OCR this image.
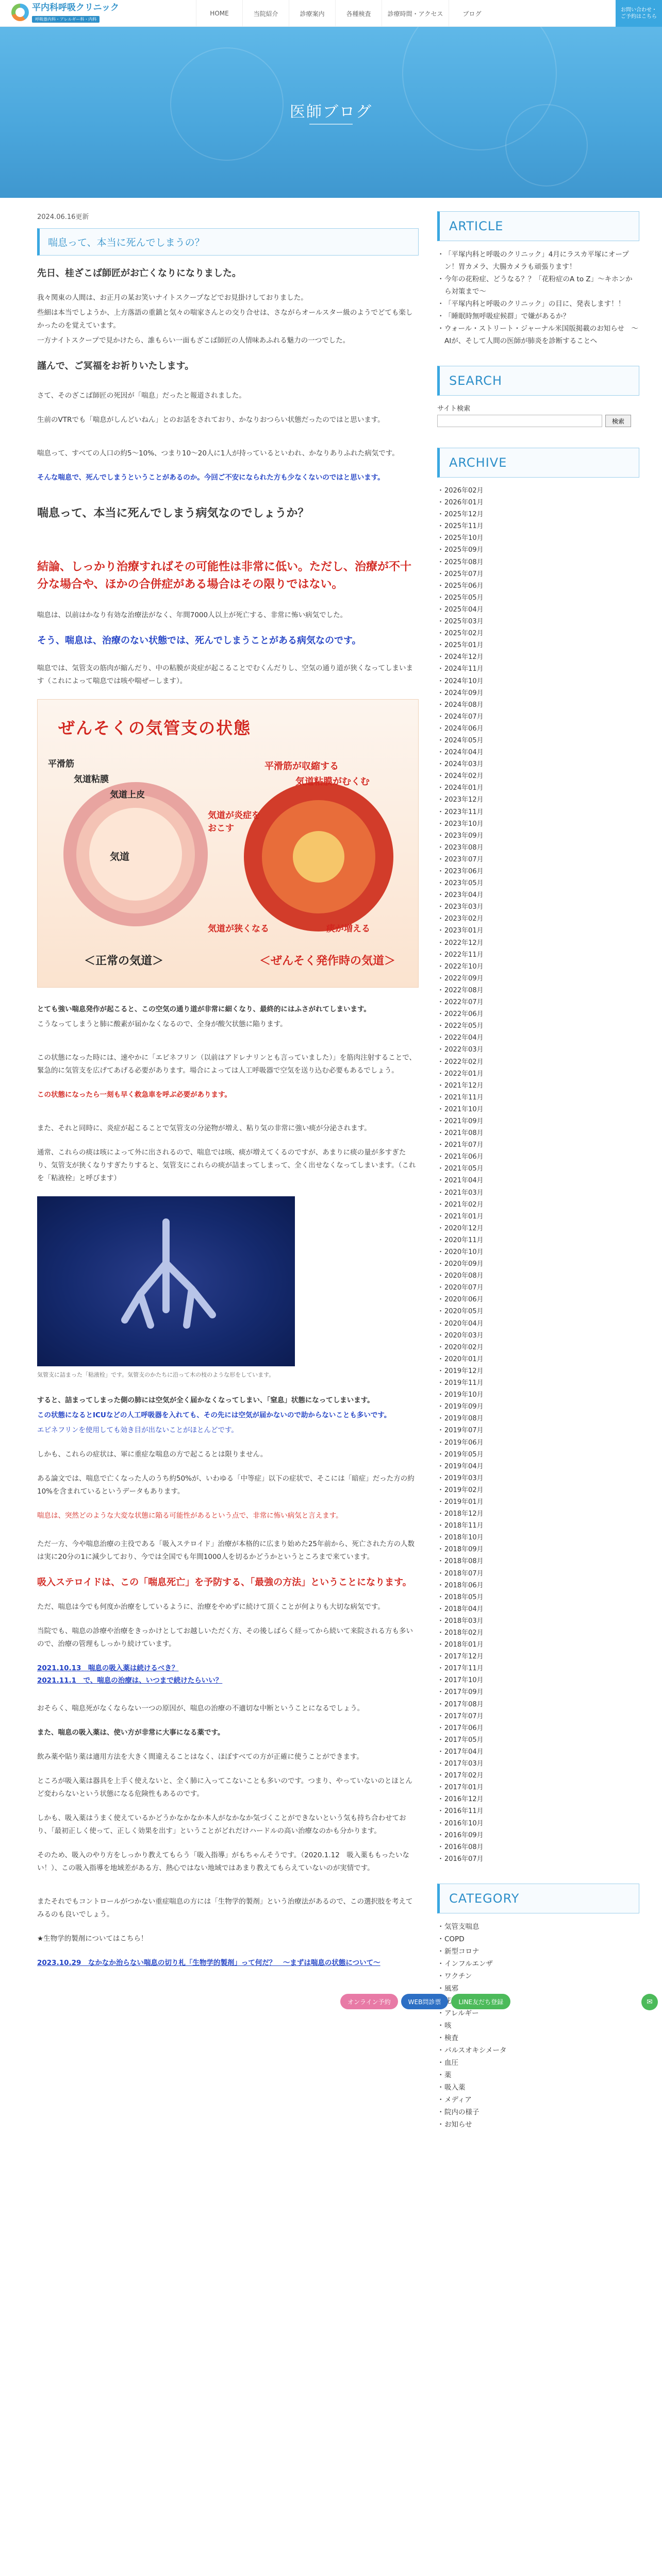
平内科呼吸クリニック
呼吸器内科・アレルギー科・内科
HOME	当院紹介	診療案内	各種検査	診療時間・アクセス	ブログ	お問い合わせ・ご予約はこちら
医師ブログ
2024.06.16更新
喘息って、本当に死んでしまうの？
先日、桂ざこば師匠がお亡くなりになりました。
我々関東の人間は、お正月の某お笑いナイトスクープなどでお見掛けしておりました。
些細は本当でしようか、上方落語の重鎮と気々の喘家さんとの交り合せは、さながらオールスター級のようでどても楽しかったのを覚えています。
一方ナイトスクープで見かけたら、誰もらい一面もざこば師匠の人情味あふれる魅力の一つでした。
謹んで、ご冥福をお祈りいたします。
さて、そのざこば師匠の死因が「喘息」だったと報道されました。
生前のVTRでも「喘息がしんどいねん」とのお話をされており、かなりおつらい状態だったのではと思います。
喘息って、すべての人口の約5〜10%、つまり10〜20人に1人が持っているといわれ、かなりありふれた病気です。
そんな喘息で、死んでしまうということがあるのか。今回ご不安になられた方も少なくないのではと思います。
喘息って、本当に死んでしまう病気なのでしょうか？
結論、しっかり治療すればその可能性は非常に低い。ただし、治療が不十分な場合や、ほかの合併症がある場合はその限りではない。
喘息は、以前はかなり有効な治療法がなく、年間7000人以上が死亡する、非常に怖い病気でした。
そう、喘息は、治療のない状態では、死んでしまうことがある病気なのです。
喘息では、気管支の筋肉が縮んだり、中の粘膜が炎症が起こることでむくんだりし、空気の通り道が狭くなってしまいます（これによって喘息では咳や喘ぜーします）。
ぜんそくの気管支の状態
気道
平滑筋
気道粘膜
気道上皮
平滑筋が収縮する
気道粘膜がむくむ
気道が炎症をおこす
気道が狭くなる	痰が増える
＜正常の気道＞	＜ぜんそく発作時の気道＞
とても強い喘息発作が起こると、この空気の通り道が非常に細くなり、最終的にはふさがれてしまいます。
こうなってしまうと肺に酸素が届かなくなるので、全身が酸欠状態に陥ります。
この状態になった時には、速やかに「エピネフリン（以前はアドレナリンとも言っていました）」を筋肉注射することで、緊急的に気管支を広げてあげる必要があります。場合によっては人工呼吸器で空気を送り込む必要もあるでしょう。
この状態になったら一刻も早く救急車を呼ぶ必要があります。
また、それと同時に、炎症が起こることで気管支の分泌物が増え、粘り気の非常に強い痰が分泌されます。
通常、これらの痰は咳によって外に出されるので、喘息では咳、痰が増えてくるのですが、あまりに痰の量が多すぎたり、気管支が狭くなりすぎたりすると、気管支にこれらの痰が詰まってしまって、全く出せなくなってしまいます。（これを「粘液栓」と呼びます）
気管支に詰まった「粘液栓」です。気管支のかたちに沿って木の枝のような形をしています。
すると、詰まってしまった側の肺には空気が全く届かなくなってしまい、「窒息」状態になってしまいます。
この状態になるとICUなどの人工呼吸器を入れても、その先には空気が届かないので助からないことも多いです。
エピネフリンを使用しても効き目が出ないことがほとんどです。
しかも、これらの症状は、軍に重症な喘息の方で起こるとは限りません。
ある論文では、喘息で亡くなった人のうち約50%が、いわゆる「中等症」以下の症状で、そこには「暗症」だった方の約10%を含まれているというデータもあります。
喘息は、突然どのような大変な状態に陥る可能性があるという点で、非常に怖い病気と言えます。
ただ一方、今や喘息治療の主役である「吸入ステロイド」治療が本格的に広まり始めた25年前から、死亡された方の人数は実に20分の1に減少しており、今では全国でも年間1000人を切るかどうかというところまで来ています。
吸入ステロイドは、この「喘息死亡」を予防する、「最強の方法」ということになります。
ただ、喘息は今でも何度か治療をしているように、治療をやめずに続けて頂くことが何よりも大切な病気です。
当院でも、喘息の診療や治療をきっかけとしてお越しいただく方、その後しばらく経ってから続いて来院される方も多いので、治療の管理もしっかり続けています。
2021.10.13　喘息の吸入薬は続けるべき？
2021.11.1　で、喘息の治療は、いつまで続けたらいい？
おそらく、喘息死がなくならない一つの原因が、喘息の治療の不適切な中断ということになるでしょう。
また、喘息の吸入薬は、使い方が非常に大事になる薬です。
飲み薬や貼り薬は適用方法を大きく間違えることはなく、ほぼすべての方が正確に使うことができます。
ところが吸入薬は器具を上手く使えないと、全く肺に入ってこないことも多いのです。つまり、やっていないのとほとんど変わらないという状態になる危険性もあるのです。
しかも、吸入薬はうまく使えているかどうかなかなか本人がなかなか気づくことができないという気も持ち合わせており、「最初正しく使って、正しく効果を出す」ということがどれだけハードルの高い治療なのかも分かります。
そのため、吸入のやり方をしっかり教えてもらう「吸入指導」がもちゃんそうです。（2020.1.12　吸入薬ももったいない！）、この吸入指導を地域差がある方、熱心ではない地域ではあまり教えてもらえていないのが実情です。
またそれでもコントロールがつかない重症喘息の方には「生物学的製剤」という治療法があるので、この選択肢を考えてみるのも良いでしょう。
★生物学的製剤についてはこちら！
2023.10.29　なかなか治らない喘息の切り札「生物学的製剤」って何だ？　〜まずは喘息の状態について〜
ARTICLE
・ 「平塚内科と呼吸のクリニック」4月にラスカ平塚にオープン！胃カメラ、大腸カメラも頑張ります！
・ 今年の花粉症、どうなる？？「花粉症のA to Z」〜キホンから対策まで〜
・ 「平塚内科と呼吸のクリニック」の目に、発表します！！
・ 「睡眠時無呼吸症候群」で嫌があるか？
・ ウォール・ストリート・ジャーナル米国版掲載のお知らせ　〜AIが、そして人間の医師が肺炎を診断することへ
SEARCH
サイト検索
検索
ARCHIVE
・ 2026年02月
・ 2026年01月
・ 2025年12月
・ 2025年11月
・ 2025年10月
・ 2025年09月
・ 2025年08月
・ 2025年07月
・ 2025年06月
・ 2025年05月
・ 2025年04月
・ 2025年03月
・ 2025年02月
・ 2025年01月
・ 2024年12月
・ 2024年11月
・ 2024年10月
・ 2024年09月
・ 2024年08月
・ 2024年07月
・ 2024年06月
・ 2024年05月
・ 2024年04月
・ 2024年03月
・ 2024年02月
・ 2024年01月
・ 2023年12月
・ 2023年11月
・ 2023年10月
・ 2023年09月
・ 2023年08月
・ 2023年07月
・ 2023年06月
・ 2023年05月
・ 2023年04月
・ 2023年03月
・ 2023年02月
・ 2023年01月
・ 2022年12月
・ 2022年11月
・ 2022年10月
・ 2022年09月
・ 2022年08月
・ 2022年07月
・ 2022年06月
・ 2022年05月
・ 2022年04月
・ 2022年03月
・ 2022年02月
・ 2022年01月
・ 2021年12月
・ 2021年11月
・ 2021年10月
・ 2021年09月
・ 2021年08月
・ 2021年07月
・ 2021年06月
・ 2021年05月
・ 2021年04月
・ 2021年03月
・ 2021年02月
・ 2021年01月
・ 2020年12月
・ 2020年11月
・ 2020年10月
・ 2020年09月
・ 2020年08月
・ 2020年07月
・ 2020年06月
・ 2020年05月
・ 2020年04月
・ 2020年03月
・ 2020年02月
・ 2020年01月
・ 2019年12月
・ 2019年11月
・ 2019年10月
・ 2019年09月
・ 2019年08月
・ 2019年07月
・ 2019年06月
・ 2019年05月
・ 2019年04月
・ 2019年03月
・ 2019年02月
・ 2019年01月
・ 2018年12月
・ 2018年11月
・ 2018年10月
・ 2018年09月
・ 2018年08月
・ 2018年07月
・ 2018年06月
・ 2018年05月
・ 2018年04月
・ 2018年03月
・ 2018年02月
・ 2018年01月
・ 2017年12月
・ 2017年11月
・ 2017年10月
・ 2017年09月
・ 2017年08月
・ 2017年07月
・ 2017年06月
・ 2017年05月
・ 2017年04月
・ 2017年03月
・ 2017年02月
・ 2017年01月
・ 2016年12月
・ 2016年11月
・ 2016年10月
・ 2016年09月
・ 2016年08月
・ 2016年07月
CATEGORY
・ 気管支喘息
・ COPD
・ 新型コロナ
・ インフルエンザ
・ ワクチン
・ 風邪
・
・ アレルギー
・ 咳
・ 検査
・ パルスオキシメータ
・ 血圧
・ 薬
・ 吸入薬
・ メディア
・ 院内の様子
・ お知らせ
オンライン予約	WEB問診票	LINE友だち登録	✉
